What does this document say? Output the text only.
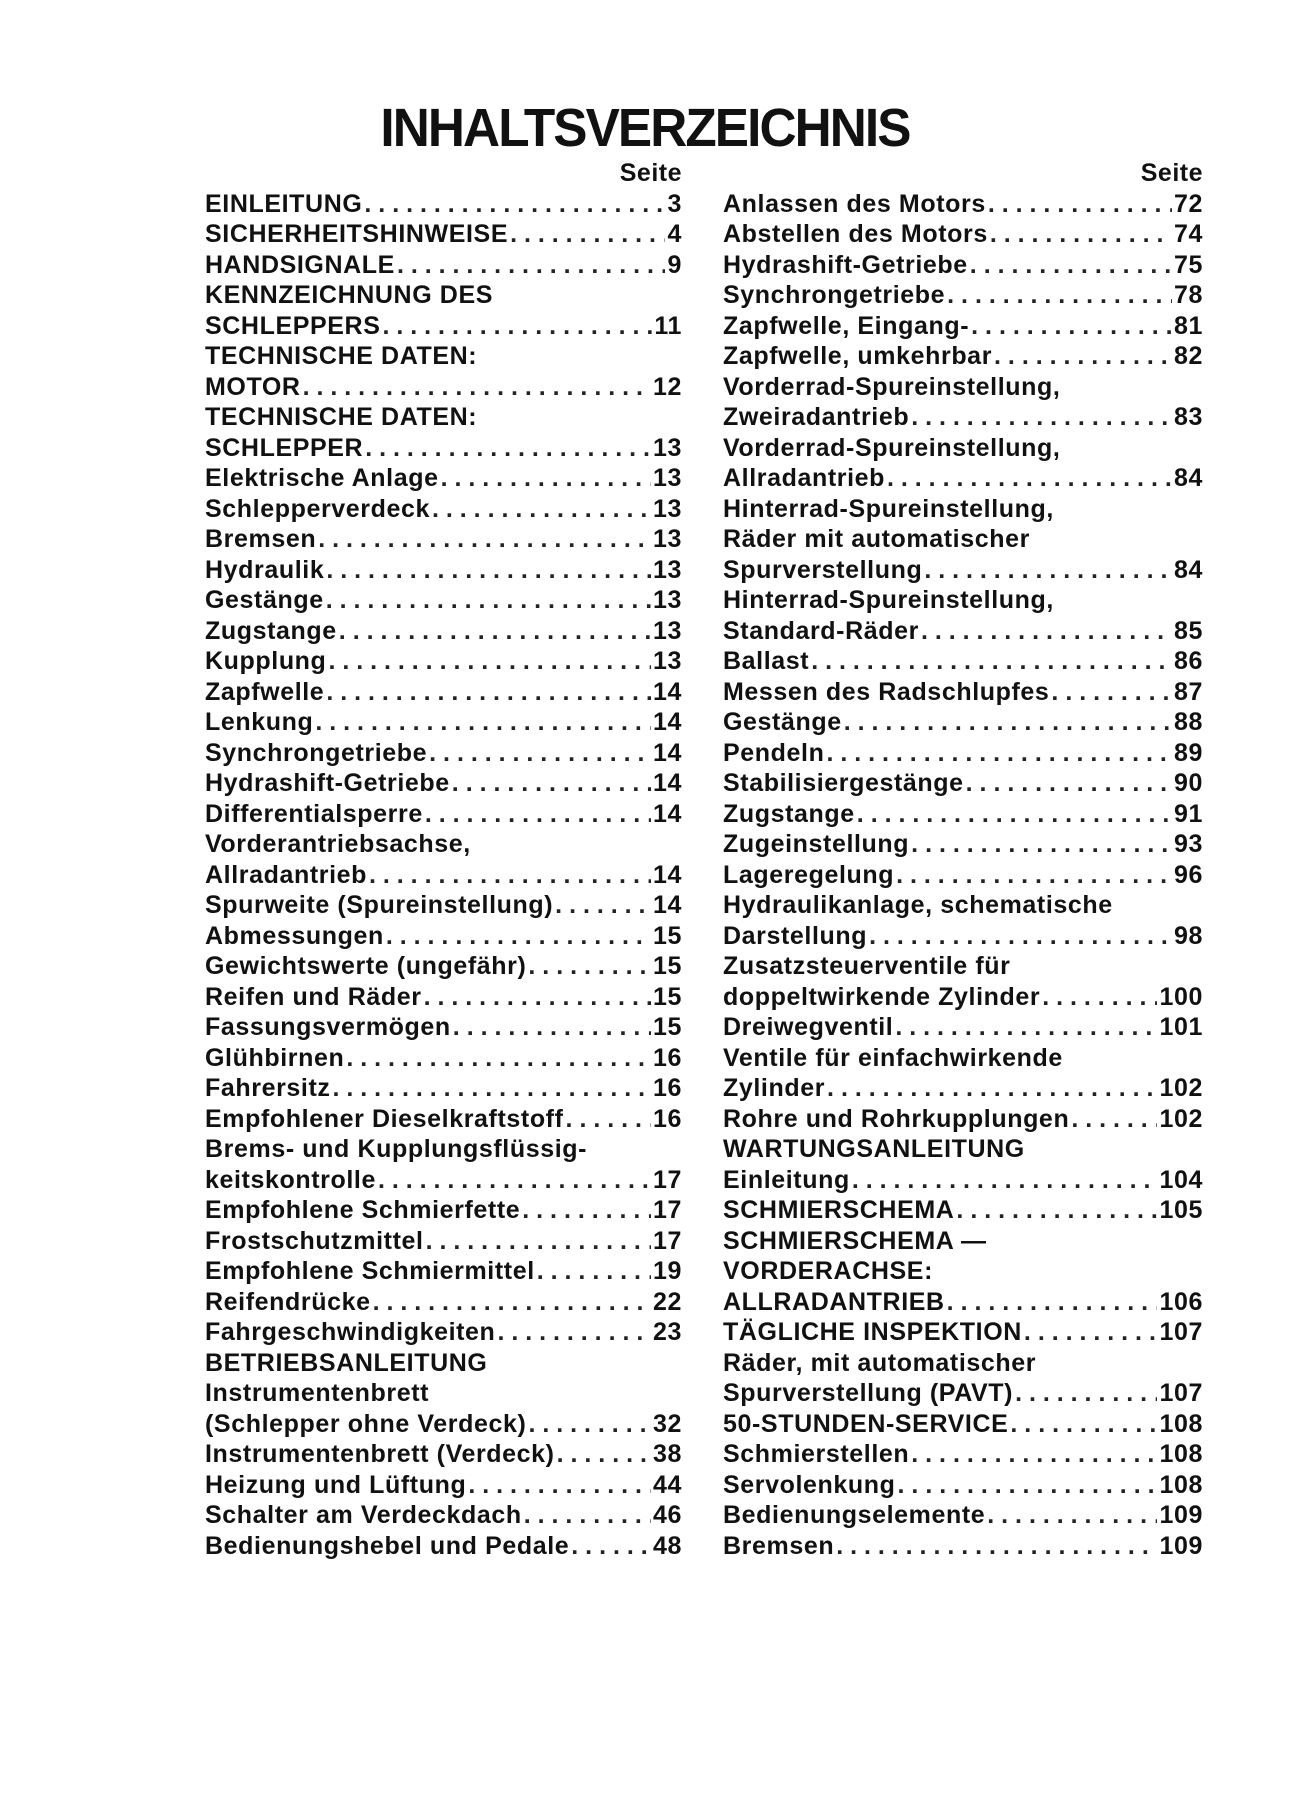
INHALTSVERZEICHNIS
Seite
EINLEITUNG . . .	3
SICHERHEITSHINWEISE . . .	4
HANDSIGNALE . . .	9
KENNZEICHNUNG DES
SCHLEPPERS . . .	11
TECHNISCHE DATEN:
MOTOR . . .	12
TECHNISCHE DATEN:
SCHLEPPER . . .	13
Elektrische Anlage . . .	13
Schlepperverdeck . . .	13
Bremsen . . .	13
Hydraulik . . .	13
Gestänge . . .	13
Zugstange . . .	13
Kupplung . . .	13
Zapfwelle . . .	14
Lenkung . . .	14
Synchrongetriebe . . .	14
Hydrashift-Getriebe . . .	14
Differentialsperre . . .	14
Vorderantriebsachse,
Allradantrieb . . .	14
Spurweite (Spureinstellung) . . .	14
Abmessungen . . .	15
Gewichtswerte (ungefähr) . . .	15
Reifen und Räder . . .	15
Fassungsvermögen . . .	15
Glühbirnen . . .	16
Fahrersitz . . .	16
Empfohlener Dieselkraftstoff . . .	16
Brems- und Kupplungsflüssig-
keitskontrolle . . .	17
Empfohlene Schmierfette . . .	17
Frostschutzmittel . . .	17
Empfohlene Schmiermittel . . .	19
Reifendrücke . . .	22
Fahrgeschwindigkeiten . . .	23
BETRIEBSANLEITUNG
Instrumentenbrett
(Schlepper ohne Verdeck) . . .	32
Instrumentenbrett (Verdeck) . . .	38
Heizung und Lüftung . . .	44
Schalter am Verdeckdach . . .	46
Bedienungshebel und Pedale . . .	48
Seite
Anlassen des Motors . . .	72
Abstellen des Motors . . .	74
Hydrashift-Getriebe . . .	75
Synchrongetriebe . . .	78
Zapfwelle, Eingang- . . .	81
Zapfwelle, umkehrbar . . .	82
Vorderrad-Spureinstellung,
Zweiradantrieb . . .	83
Vorderrad-Spureinstellung,
Allradantrieb . . .	84
Hinterrad-Spureinstellung,
Räder mit automatischer
Spurverstellung . . .	84
Hinterrad-Spureinstellung,
Standard-Räder . . .	85
Ballast . . .	86
Messen des Radschlupfes . . .	87
Gestänge . . .	88
Pendeln . . .	89
Stabilisiergestänge . . .	90
Zugstange . . .	91
Zugeinstellung . . .	93
Lageregelung . . .	96
Hydraulikanlage, schematische
Darstellung . . .	98
Zusatzsteuerventile für
doppeltwirkende Zylinder . . .	100
Dreiwegventil . . .	101
Ventile für einfachwirkende
Zylinder . . .	102
Rohre und Rohrkupplungen . . .	102
WARTUNGSANLEITUNG
Einleitung . . .	104
SCHMIERSCHEMA . . .	105
SCHMIERSCHEMA —
VORDERACHSE:
ALLRADANTRIEB . . .	106
TÄGLICHE INSPEKTION . . .	107
Räder, mit automatischer
Spurverstellung (PAVT) . . .	107
50-STUNDEN-SERVICE . . .	108
Schmierstellen . . .	108
Servolenkung . . .	108
Bedienungselemente . . .	109
Bremsen . . .	109
